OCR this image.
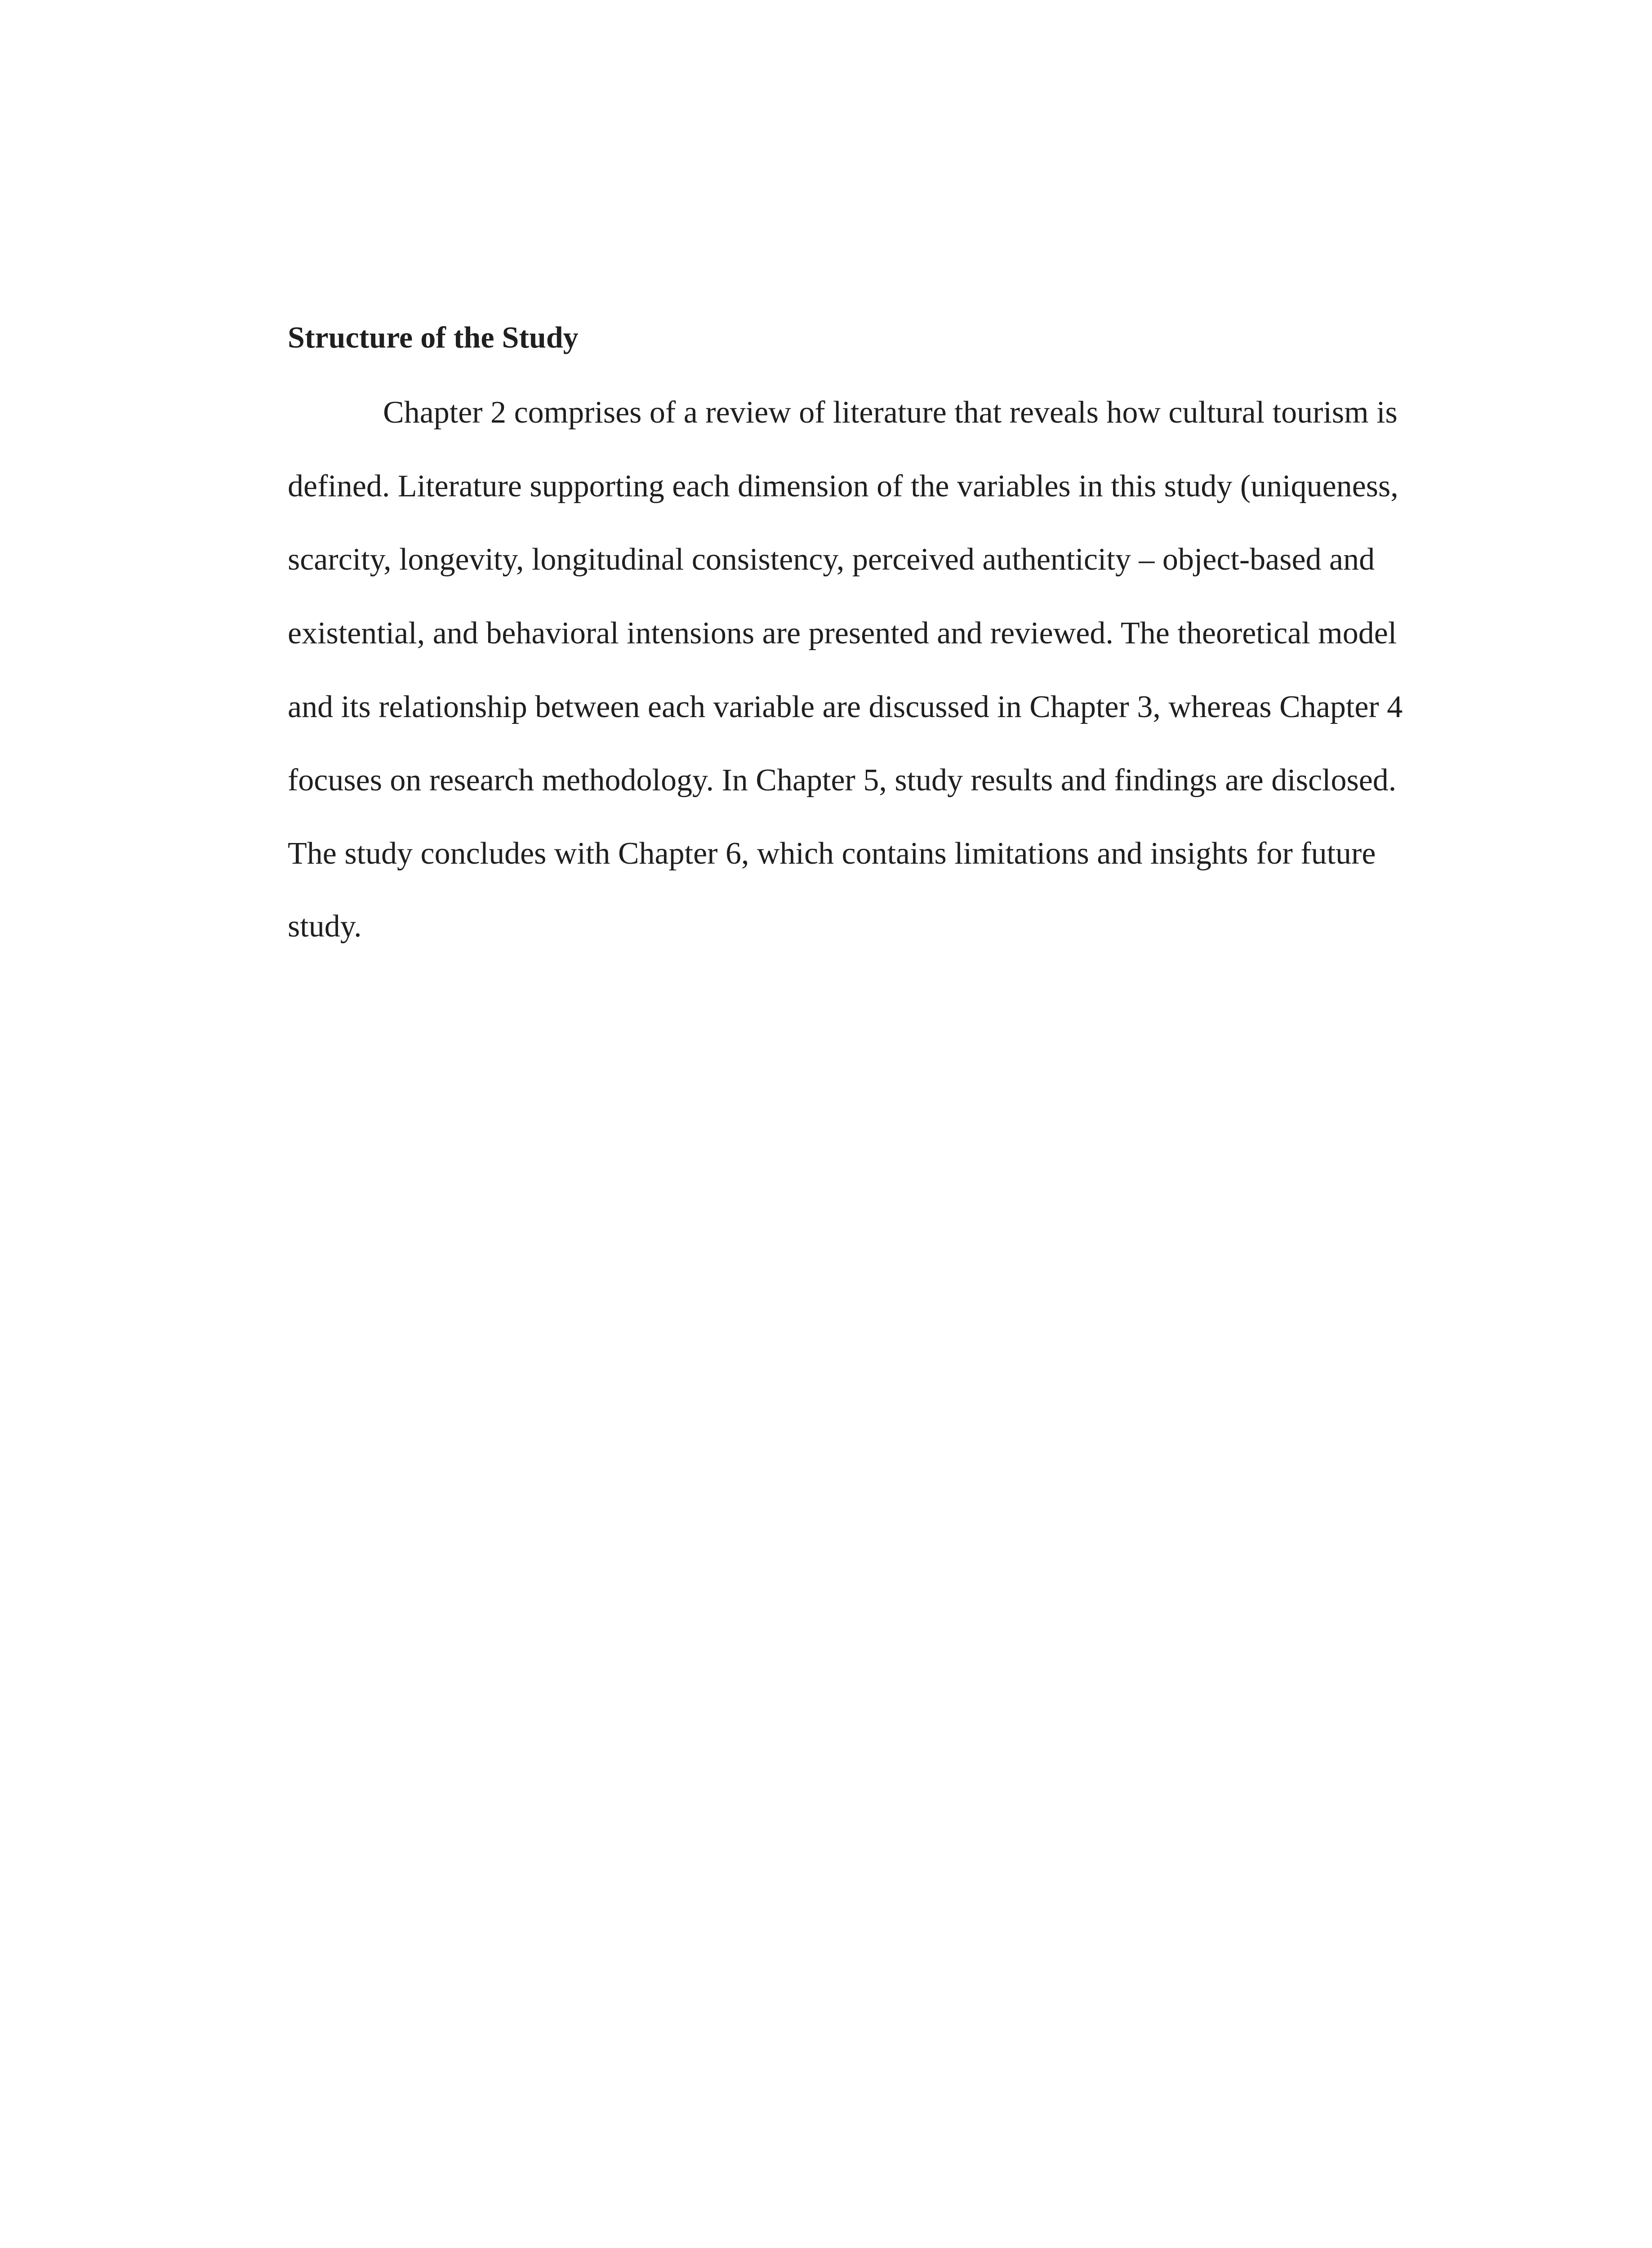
Structure of the Study

Chapter 2 comprises of a review of literature that reveals how cultural tourism is

defined. Literature supporting each dimension of the variables in this study (uniqueness,

scarcity, longevity, longitudinal consistency, perceived authenticity – object-based and

existential, and behavioral intensions are presented and reviewed. The theoretical model

and its relationship between each variable are discussed in Chapter 3, whereas Chapter 4

focuses on research methodology. In Chapter 5, study results and findings are disclosed.

The study concludes with Chapter 6, which contains limitations and insights for future

study.
